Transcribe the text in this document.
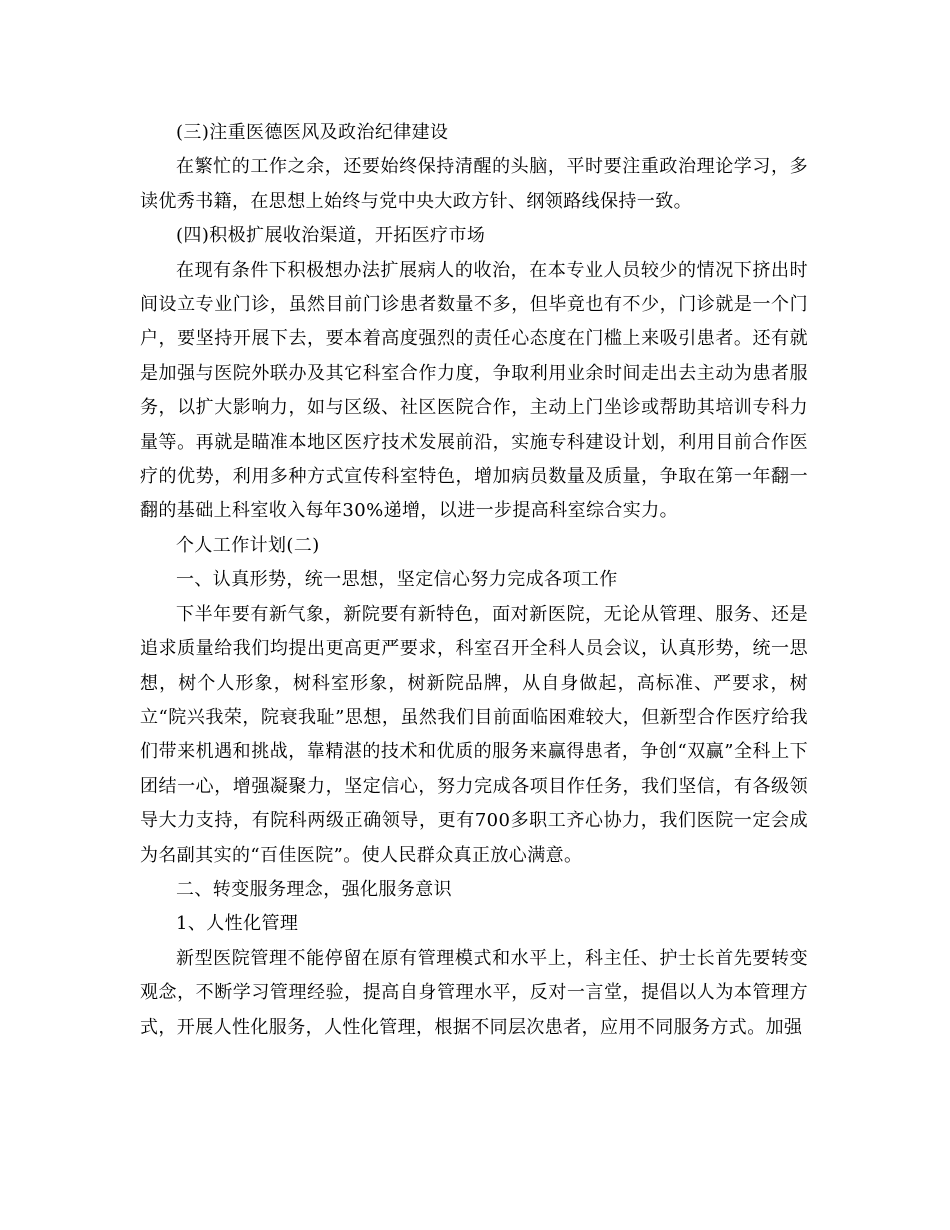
(三)注重医德医风及政治纪律建设

在繁忙的工作之余，还要始终保持清醒的头脑，平时要注重政治理论学习，多读优秀书籍，在思想上始终与党中央大政方针、纲领路线保持一致。

(四)积极扩展收治渠道，开拓医疗市场

在现有条件下积极想办法扩展病人的收治，在本专业人员较少的情况下挤出时间设立专业门诊，虽然目前门诊患者数量不多，但毕竟也有不少，门诊就是一个门户，要坚持开展下去，要本着高度强烈的责任心态度在门槛上来吸引患者。还有就是加强与医院外联办及其它科室合作力度，争取利用业余时间走出去主动为患者服务，以扩大影响力，如与区级、社区医院合作，主动上门坐诊或帮助其培训专科力量等。再就是瞄准本地区医疗技术发展前沿，实施专科建设计划，利用目前合作医疗的优势，利用多种方式宣传科室特色，增加病员数量及质量，争取在第一年翻一翻的基础上科室收入每年30%递增，以进一步提高科室综合实力。

个人工作计划(二)

一、认真形势，统一思想，坚定信心努力完成各项工作

下半年要有新气象，新院要有新特色，面对新医院，无论从管理、服务、还是追求质量给我们均提出更高更严要求，科室召开全科人员会议，认真形势，统一思想，树个人形象，树科室形象，树新院品牌，从自身做起，高标准、严要求，树立“院兴我荣，院衰我耻”思想，虽然我们目前面临困难较大，但新型合作医疗给我们带来机遇和挑战，靠精湛的技术和优质的服务来赢得患者，争创“双赢”全科上下团结一心，增强凝聚力，坚定信心，努力完成各项目作任务，我们坚信，有各级领导大力支持，有院科两级正确领导，更有700多职工齐心协力，我们医院一定会成为名副其实的“百佳医院”。使人民群众真正放心满意。

二、转变服务理念，强化服务意识

1、人性化管理

新型医院管理不能停留在原有管理模式和水平上，科主任、护士长首先要转变观念，不断学习管理经验，提高自身管理水平，反对一言堂，提倡以人为本管理方式，开展人性化服务，人性化管理，根据不同层次患者，应用不同服务方式。加强
